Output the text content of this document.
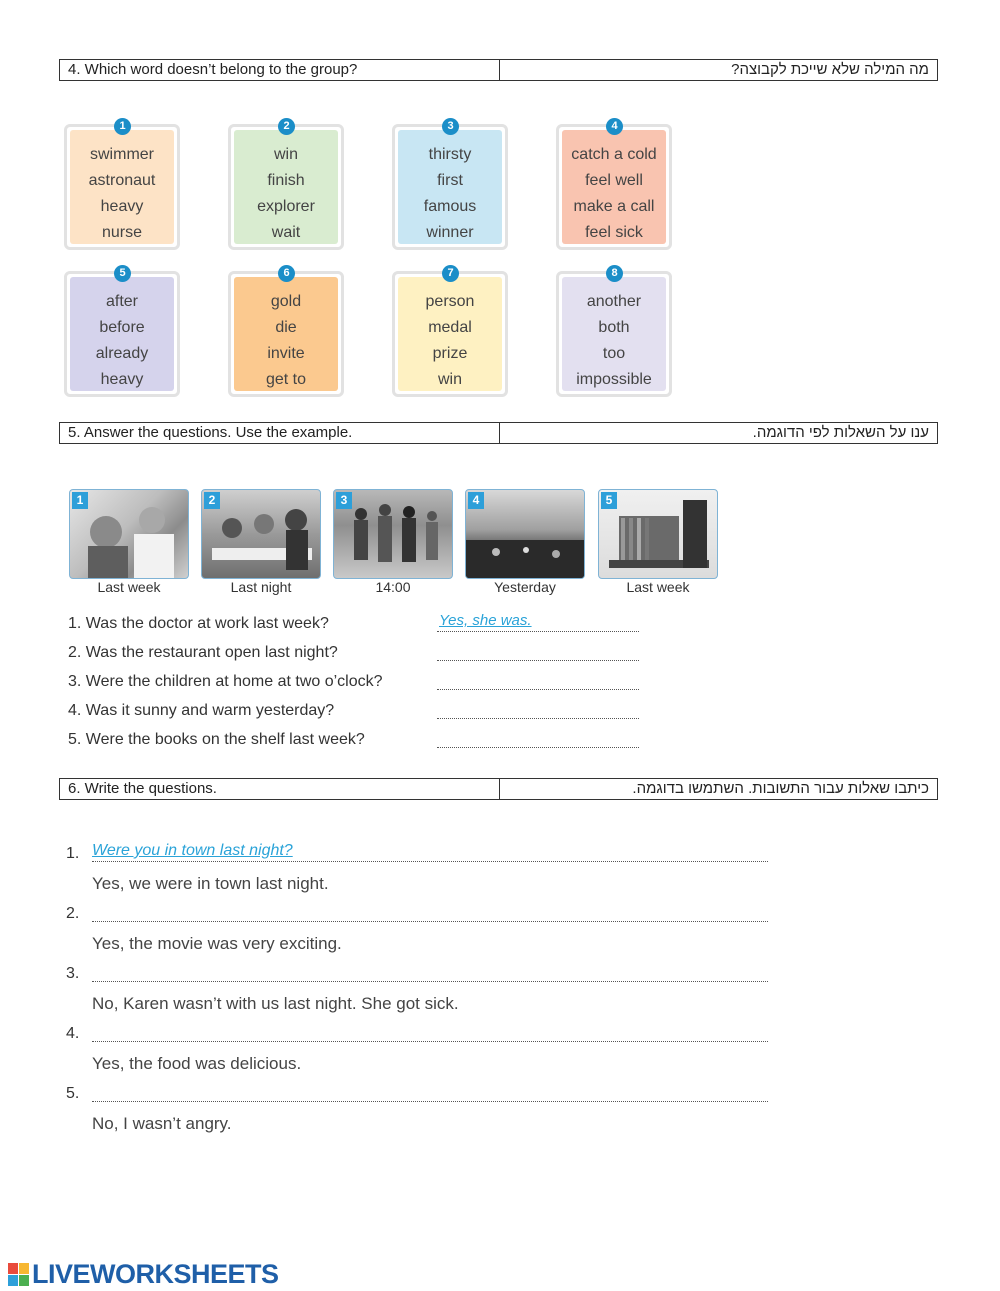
4. Which word doesn’t belong to the group?	מה המילה שלא שייכת לקבוצה?
swimmer
astronaut
heavy
nurse
1
win
finish
explorer
wait
2
thirsty
first
famous
winner
3
catch a cold
feel well
make a call
feel sick
4
after
before
already
heavy
5
gold
die
invite
get to
6
person
medal
prize
win
7
another
both
too
impossible
8
5. Answer the questions. Use the example.	ענו על השאלות לפי הדוגמה.
1
Last week
2
Last night
3
14:00
4
Yesterday
5
Last week
1. Was the doctor at work last week?	Yes, she was.
2. Was the restaurant open last night?
3. Were the children at home at two o’clock?
4. Was it sunny and warm yesterday?
5. Were the books on the shelf last week?
6. Write the questions.	כיתבו שאלות עבור התשובות. השתמשו בדוגמה.
1. Were you in town last night?
Yes, we were in town last night.
2.
Yes, the movie was very exciting.
3.
No, Karen wasn’t with us last night. She got sick.
4.
Yes, the food was delicious.
5.
No, I wasn’t angry.
LIVEWORKSHEETS
